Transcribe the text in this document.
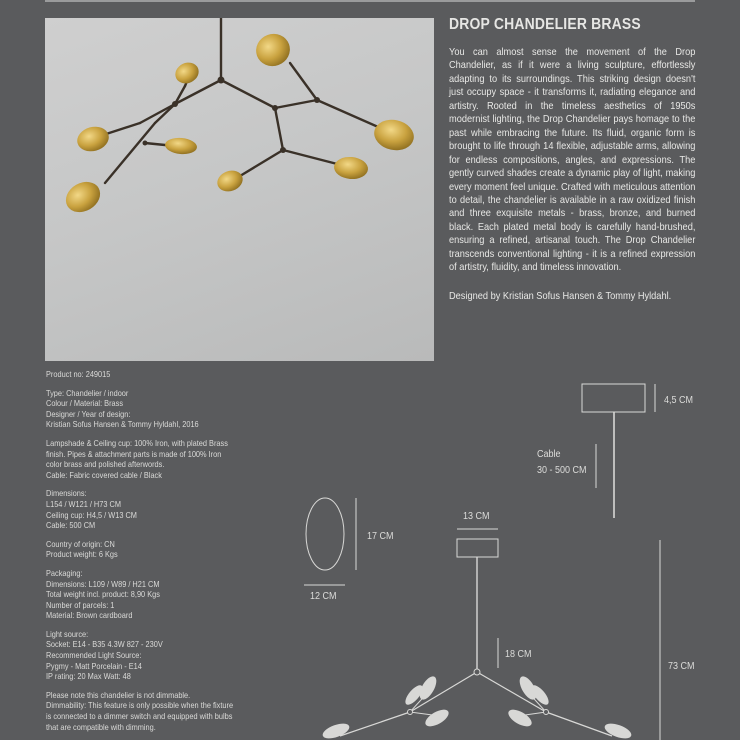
DROP CHANDELIER BRASS
You can almost sense the movement of the Drop Chandelier, as if it were a living sculpture, effortlessly adapting to its surroundings. This striking design doesn't just occupy space - it transforms it, radiating elegance and artistry. Rooted in the timeless aesthetics of 1950s modernist lighting, the Drop Chandelier pays homage to the past while embracing the future. Its fluid, organic form is brought to life through 14 flexible, adjustable arms, allowing for endless compositions, angles, and expressions. The gently curved shades create a dynamic play of light, making every moment feel unique. Crafted with meticulous attention to detail, the chandelier is available in a raw oxidized finish and three exquisite metals - brass, bronze, and burned black. Each plated metal body is carefully hand-brushed, ensuring a refined, artisanal touch. The Drop Chandelier transcends conventional lighting - it is a refined expression of artistry, fluidity, and timeless innovation.
Designed by Kristian Sofus Hansen & Tommy Hyldahl.
Product no: 249015
Type: Chandelier / indoor
Colour / Material: Brass
Designer / Year of design:
Kristian Sofus Hansen & Tommy Hyldahl, 2016
Lampshade & Ceiling cup: 100% Iron, with plated Brass
finish. Pipes & attachment parts is made of 100% Iron
color brass and polished afterwords.
Cable: Fabric covered cable / Black
Dimensions:
L154 / W121 / H73 CM
Ceiling cup: H4,5 / W13 CM
Cable: 500 CM
Country of origin: CN
Product weight: 6 Kgs
Packaging:
Dimensions: L109 / W89 / H21 CM
Total weight incl. product: 8,90 Kgs
Number of parcels: 1
Material: Brown cardboard
Light source:
Socket: E14 - B35 4.3W 827 - 230V
Recommended Light Source:
Pygmy - Matt Porcelain - E14
IP rating: 20 Max Watt: 48
Please note this chandelier is not dimmable.
Dimmability: This feature is only possible when the fixture
is connected to a dimmer switch and equipped with bulbs
that are compatible with dimming.
4,5 CM
Cable
30 - 500 CM
17 CM
12 CM
13 CM
18 CM
73 CM
